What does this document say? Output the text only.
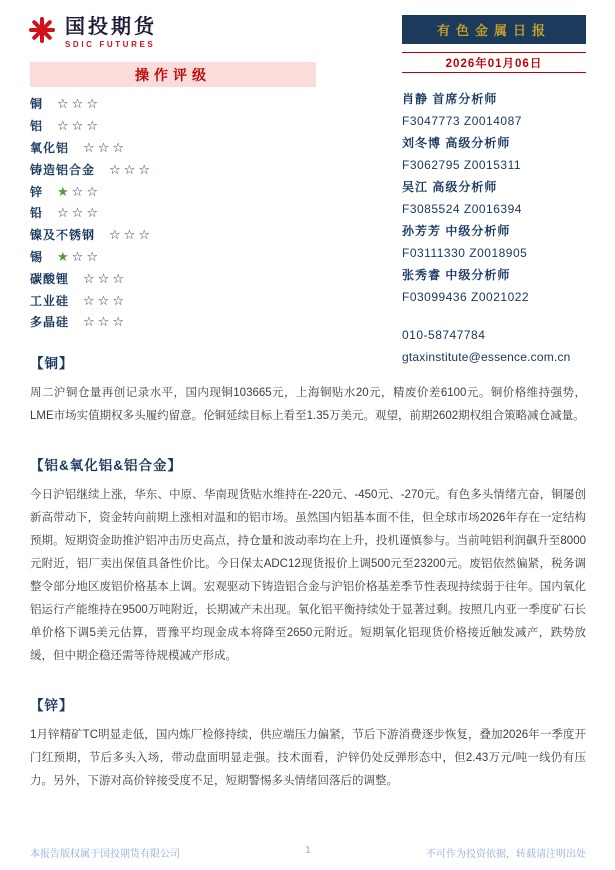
国投期货
SDIC FUTURES
有色金属日报
2026年01月06日
操作评级
铜 ☆☆☆
铝 ☆☆☆
氧化铝 ☆☆☆
铸造铝合金 ☆☆☆
锌 ★☆☆
铅 ☆☆☆
镍及不锈钢 ☆☆☆
锡 ★☆☆
碳酸锂 ☆☆☆
工业硅 ☆☆☆
多晶硅 ☆☆☆
肖静 首席分析师
F3047773 Z0014087
刘冬博 高级分析师
F3062795 Z0015311
吴江 高级分析师
F3085524 Z0016394
孙芳芳 中级分析师
F03111330 Z0018905
张秀睿 中级分析师
F03099436 Z0021022
010-58747784
gtaxinstitute@essence.com.cn
【铜】

周二沪铜仓量再创记录水平，国内现铜103665元，上海铜贴水20元，精废价差6100元。铜价格维持强势，LME市场实值期权多头履约留意。伦铜延续目标上看至1.35万美元。观望，前期2602期权组合策略减仓减量。

【铝&氧化铝&铝合金】

今日沪铝继续上涨，华东、中原、华南现货贴水维持在-220元、-450元、-270元。有色多头情绪亢奋，铜屡创新高带动下，资金转向前期上涨相对温和的铝市场。虽然国内铝基本面不佳，但全球市场2026年存在一定结构预期。短期资金助推沪铝冲击历史高点，持仓量和波动率均在上升，投机谨慎参与。当前吨铝利润飙升至8000元附近，铝厂卖出保值具备性价比。今日保太ADC12现货报价上调500元至23200元。废铝依然偏紧，税务调整令部分地区废铝价格基本上调。宏观驱动下铸造铝合金与沪铝价格基差季节性表现持续弱于往年。国内氧化铝运行产能维持在9500万吨附近，长期减产未出现。氧化铝平衡持续处于显著过剩。按照几内亚一季度矿石长单价格下调5美元估算，晋豫平均现金成本将降至2650元附近。短期氧化铝现货价格接近触发减产，跌势放缓，但中期企稳还需等待规模减产形成。

【锌】

1月锌精矿TC明显走低，国内炼厂检修持续，供应端压力偏紧，节后下游消费逐步恢复，叠加2026年一季度开门红预期，节后多头入场，带动盘面明显走强。技术面看，沪锌仍处反弹形态中，但2.43万元/吨一线仍有压力。另外，下游对高价锌接受度不足，短期警惕多头情绪回落后的调整。

本报告版权属于国投期货有限公司	1	不可作为投资依据，转载请注明出处
